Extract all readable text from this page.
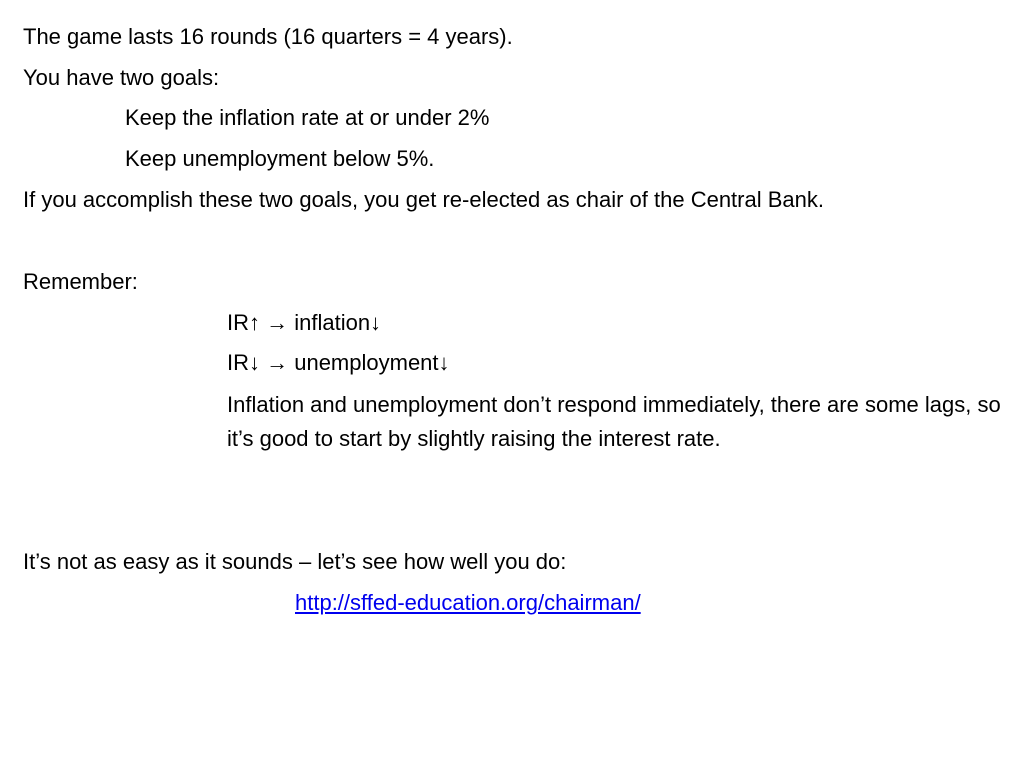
The game lasts 16 rounds (16 quarters = 4 years).
You have two goals:
Keep the inflation rate at or under 2%
Keep unemployment below 5%.
If you accomplish these two goals, you get re-elected as chair of the Central Bank.
Remember:
IR↑ → inflation↓
IR↓ → unemployment↓
Inflation and unemployment don’t respond immediately, there are some lags, so it’s good to start by slightly raising the interest rate.
It’s not as easy as it sounds – let’s see how well you do:
http://sffed-education.org/chairman/
